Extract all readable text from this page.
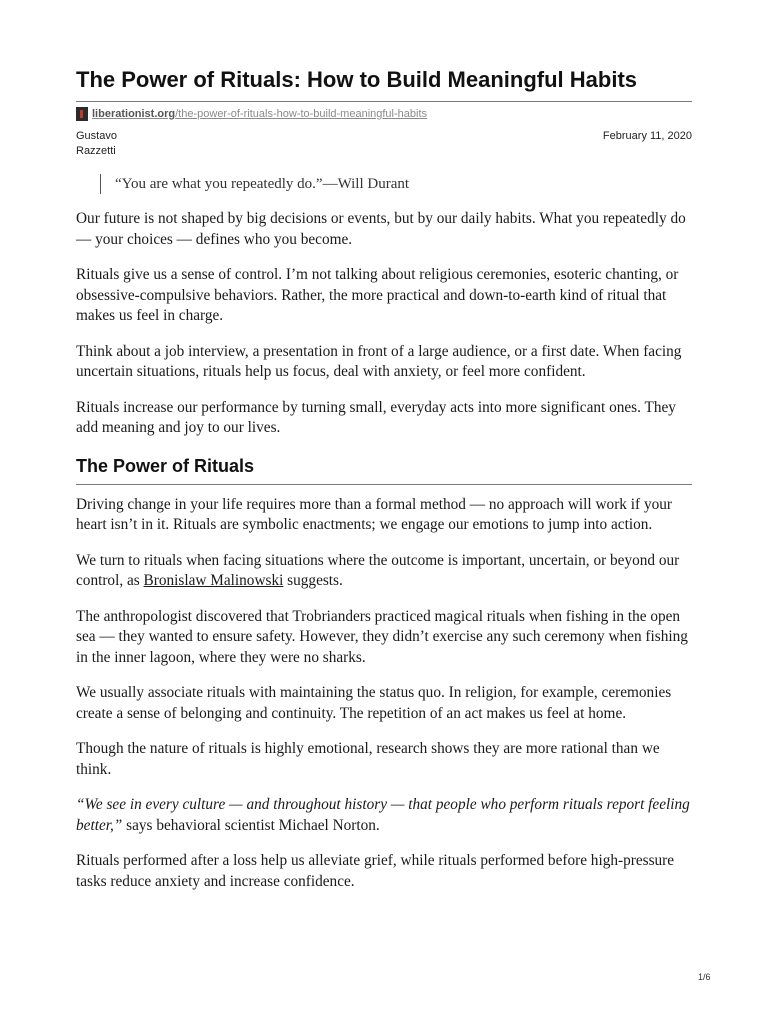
The Power of Rituals: How to Build Meaningful Habits
liberationist.org/the-power-of-rituals-how-to-build-meaningful-habits
Gustavo
Razzetti
February 11, 2020
“You are what you repeatedly do.”—Will Durant

Our future is not shaped by big decisions or events, but by our daily habits. What you repeatedly do — your choices — defines who you become.

Rituals give us a sense of control. I’m not talking about religious ceremonies, esoteric chanting, or obsessive-compulsive behaviors. Rather, the more practical and down-to-earth kind of ritual that makes us feel in charge.

Think about a job interview, a presentation in front of a large audience, or a first date. When facing uncertain situations, rituals help us focus, deal with anxiety, or feel more confident.

Rituals increase our performance by turning small, everyday acts into more significant ones. They add meaning and joy to our lives.

The Power of Rituals

Driving change in your life requires more than a formal method — no approach will work if your heart isn’t in it. Rituals are symbolic enactments; we engage our emotions to jump into action.

We turn to rituals when facing situations where the outcome is important, uncertain, or beyond our control, as Bronislaw Malinowski suggests.

The anthropologist discovered that Trobrianders practiced magical rituals when fishing in the open sea — they wanted to ensure safety. However, they didn’t exercise any such ceremony when fishing in the inner lagoon, where they were no sharks.

We usually associate rituals with maintaining the status quo. In religion, for example, ceremonies create a sense of belonging and continuity. The repetition of an act makes us feel at home.

Though the nature of rituals is highly emotional, research shows they are more rational than we think.

“We see in every culture — and throughout history — that people who perform rituals report feeling better,” says behavioral scientist Michael Norton.

Rituals performed after a loss help us alleviate grief, while rituals performed before high-pressure tasks reduce anxiety and increase confidence.

1/6
